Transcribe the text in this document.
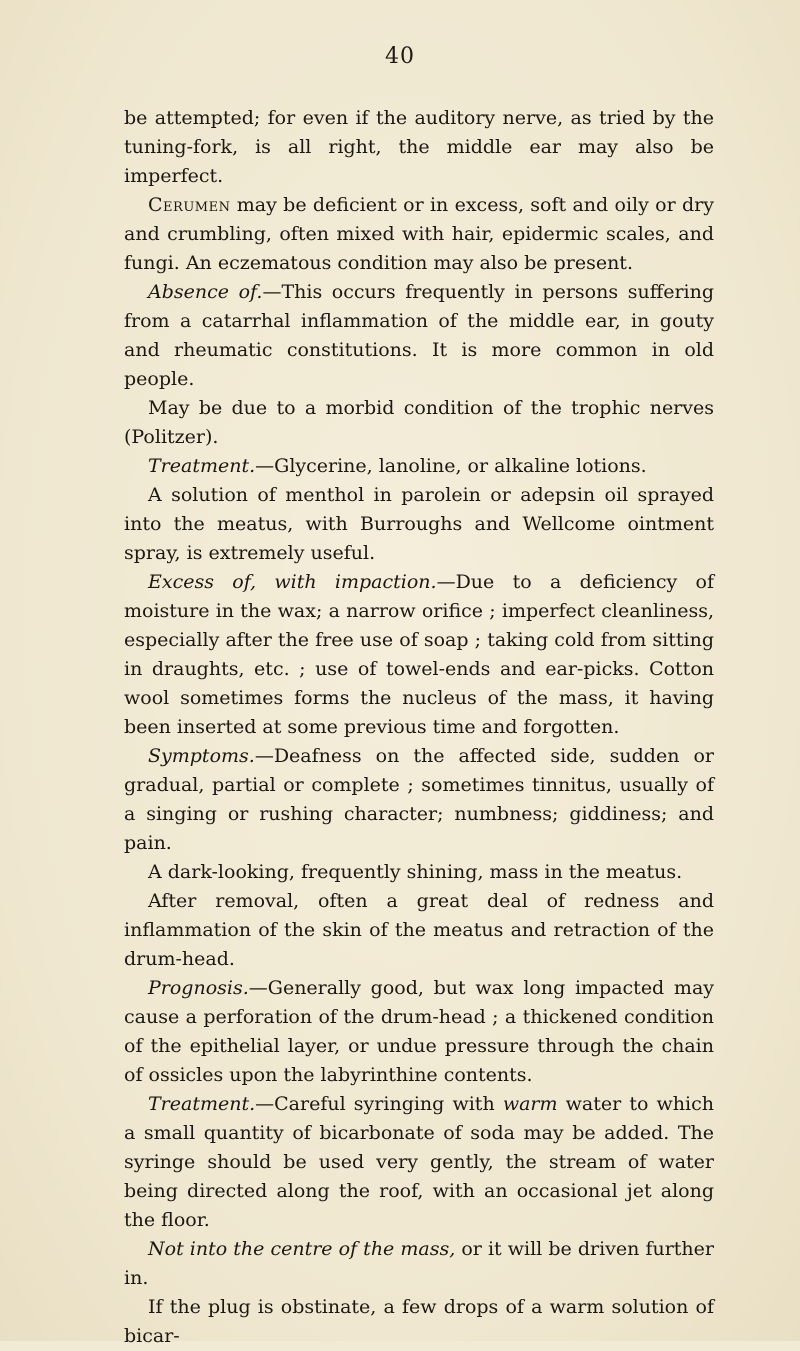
40

be attempted; for even if the auditory nerve, as tried by the tuning-fork, is all right, the middle ear may also be imperfect.

Cerumen may be deficient or in excess, soft and oily or dry and crumbling, often mixed with hair, epidermic scales, and fungi. An eczematous condition may also be present.

Absence of.—This occurs frequently in persons suffering from a catarrhal inflammation of the middle ear, in gouty and rheumatic constitutions. It is more common in old people.

May be due to a morbid condition of the trophic nerves (Politzer).

Treatment.—Glycerine, lanoline, or alkaline lotions.

A solution of menthol in parolein or adepsin oil sprayed into the meatus, with Burroughs and Wellcome ointment spray, is extremely useful.

Excess of, with impaction.—Due to a deficiency of moisture in the wax; a narrow orifice ; imperfect cleanliness, especially after the free use of soap ; taking cold from sitting in draughts, etc. ; use of towel-ends and ear-picks. Cotton wool sometimes forms the nucleus of the mass, it having been inserted at some previous time and forgotten.

Symptoms.—Deafness on the affected side, sudden or gradual, partial or complete ; sometimes tinnitus, usually of a singing or rushing character; numbness; giddiness; and pain.

A dark-looking, frequently shining, mass in the meatus.

After removal, often a great deal of redness and inflammation of the skin of the meatus and retraction of the drum-head.

Prognosis.—Generally good, but wax long impacted may cause a perforation of the drum-head ; a thickened condition of the epithelial layer, or undue pressure through the chain of ossicles upon the labyrinthine contents.

Treatment.—Careful syringing with warm water to which a small quantity of bicarbonate of soda may be added. The syringe should be used very gently, the stream of water being directed along the roof, with an occasional jet along the floor.

Not into the centre of the mass, or it will be driven further in.

If the plug is obstinate, a few drops of a warm solution of bicar-
